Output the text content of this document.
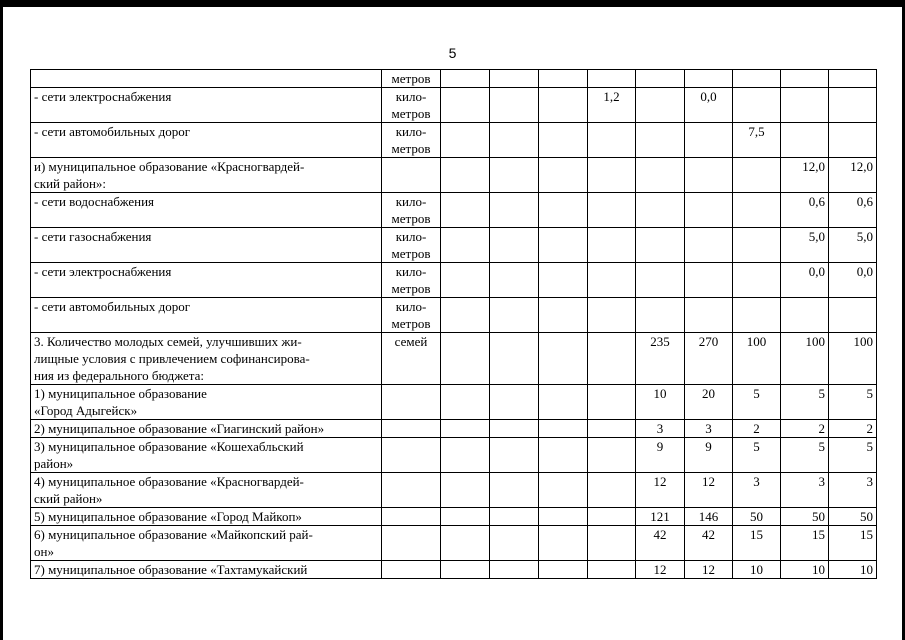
5
	метров									
- сети электроснабжения	кило-
метров				1,2		0,0			
- сети автомобильных дорог	кило-
метров							7,5		
и) муниципальное образование «Красногвардей-
ский район»:									12,0	12,0
- сети водоснабжения	кило-
метров								0,6	0,6
- сети газоснабжения	кило-
метров								5,0	5,0
- сети электроснабжения	кило-
метров								0,0	0,0
- сети автомобильных дорог	кило-
метров									
3. Количество молодых семей, улучшивших жи-
лищные условия с привлечением софинансирова-
ния из федерального бюджета:	семей					235	270	100	100	100
1) муниципальное образование
«Город Адыгейск»						10	20	5	5	5
2) муниципальное образование «Гиагинский район»						3	3	2	2	2
3) муниципальное образование «Кошехабльский
район»						9	9	5	5	5
4) муниципальное образование «Красногвардей-
ский район»						12	12	3	3	3
5) муниципальное образование «Город Майкоп»						121	146	50	50	50
6) муниципальное образование «Майкопский рай-
он»						42	42	15	15	15
7) муниципальное образование «Тахтамукайский						12	12	10	10	10
